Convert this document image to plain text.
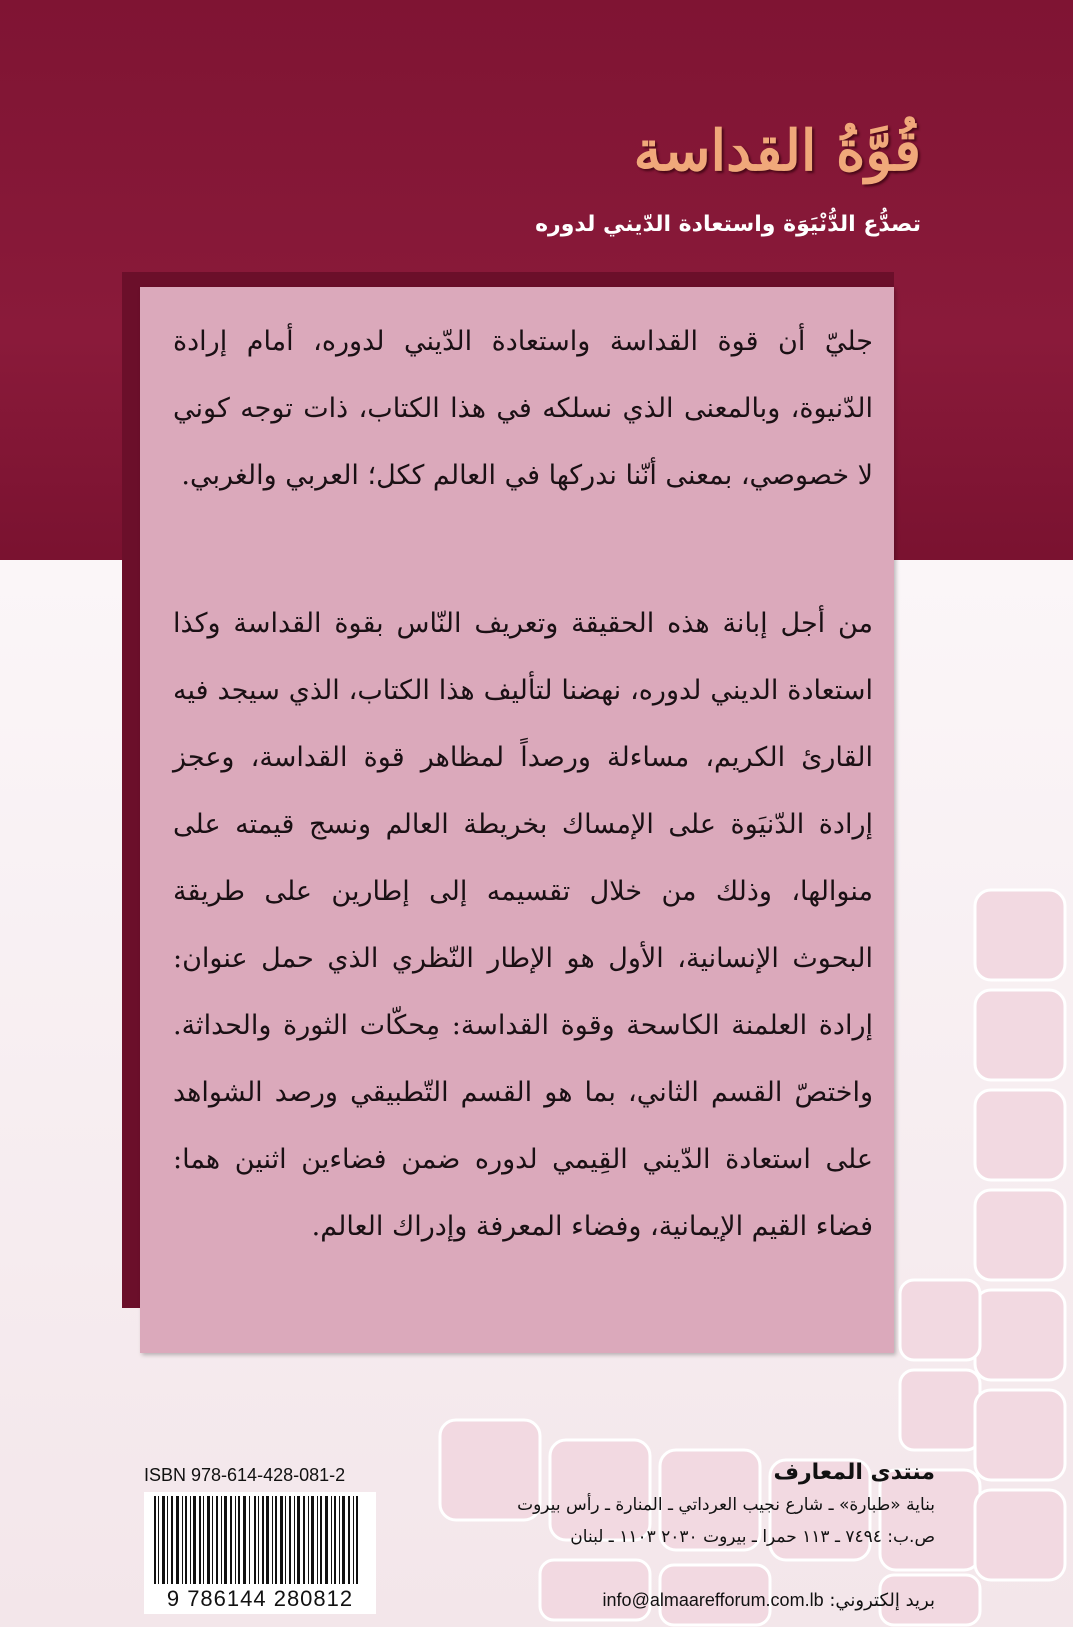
قُوَّةُ القداسة
تصدُّع الدُّنْيَوَة واستعادة الدّيني لدوره

جليّ أن قوة القداسة واستعادة الدّيني لدوره، أمام إرادة الدّنيوة، وبالمعنى الذي نسلكه في هذا الكتاب، ذات توجه كوني لا خصوصي، بمعنى أنّنا ندركها في العالم ككل؛ العربي والغربي.

من أجل إبانة هذه الحقيقة وتعريف النّاس بقوة القداسة وكذا استعادة الديني لدوره، نهضنا لتأليف هذا الكتاب، الذي سيجد فيه القارئ الكريم، مساءلة ورصداً لمظاهر قوة القداسة، وعجز إرادة الدّنيَوة على الإمساك بخريطة العالم ونسج قيمته على منوالها، وذلك من خلال تقسيمه إلى إطارين على طريقة البحوث الإنسانية، الأول هو الإطار النّظري الذي حمل عنوان: إرادة العلمنة الكاسحة وقوة القداسة: مِحكّات الثورة والحداثة. واختصّ القسم الثاني، بما هو القسم التّطبيقي ورصد الشواهد على استعادة الدّيني القِيمي لدوره ضمن فضاءين اثنين هما: فضاء القيم الإيمانية، وفضاء المعرفة وإدراك العالم.

ISBN 978-614-428-081-2
9 786144 280812
منتدى المعارف
بناية «طبارة» ـ شارع نجيب العرداتي ـ المنارة ـ رأس بيروت
ص.ب: ٧٤٩٤ ـ ١١٣ حمرا ـ بيروت ٢٠٣٠ ١١٠٣ ـ لبنان
بريد إلكتروني: info@almaarefforum.com.lb
